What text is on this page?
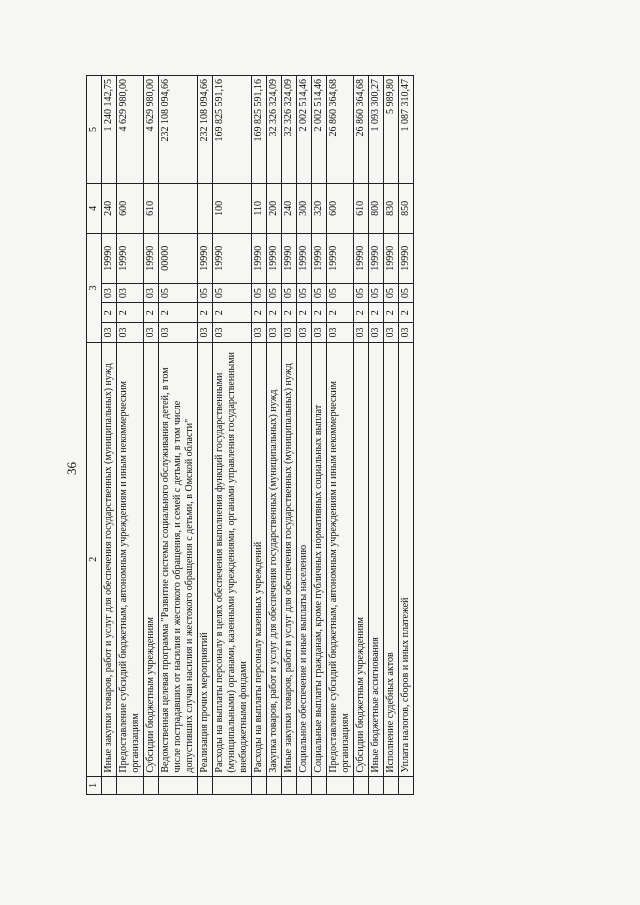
36
1	2	3				4	5
	Иные закупки товаров, работ и услуг для обеспечения государственных (муниципальных) нужд	03	2	03	19990	240	1 240 142,75
	Предоставление субсидий бюджетным, автономным учреждениям и иным некоммерческим организациям	03	2	03	19990	600	4 629 980,00
	Субсидии бюджетным учреждениям	03	2	03	19990	610	4 629 980,00
	Ведомственная целевая программа "Развитие системы социального обслуживания детей, в том числе пострадавших от насилия и жестокого обращения, и семей с детьми, в том числе допустивших случаи насилия и жестокого обращения с детьми, в Омской области"	03	2	05	00000		232 108 094,66
	Реализация прочих мероприятий	03	2	05	19990		232 108 094,66
	Расходы на выплаты персоналу в целях обеспечения выполнения функций государственными (муниципальными) органами, казенными учреждениями, органами управления государственными внебюджетными фондами	03	2	05	19990	100	169 825 591,16
	Расходы на выплаты персоналу казенных учреждений	03	2	05	19990	110	169 825 591,16
	Закупка товаров, работ и услуг для обеспечения государственных (муниципальных) нужд	03	2	05	19990	200	32 326 324,09
	Иные закупки товаров, работ и услуг для обеспечения государственных (муниципальных) нужд	03	2	05	19990	240	32 326 324,09
	Социальное обеспечение и иные выплаты населению	03	2	05	19990	300	2 002 514,46
	Социальные выплаты гражданам, кроме публичных нормативных социальных выплат	03	2	05	19990	320	2 002 514,46
	Предоставление субсидий бюджетным, автономным учреждениям и иным некоммерческим организациям	03	2	05	19990	600	26 860 364,68
	Субсидии бюджетным учреждениям	03	2	05	19990	610	26 860 364,68
	Иные бюджетные ассигнования	03	2	05	19990	800	1 093 300,27
	Исполнение судебных актов	03	2	05	19990	830	5 989,80
	Уплата налогов, сборов и иных платежей	03	2	05	19990	850	1 087 310,47
